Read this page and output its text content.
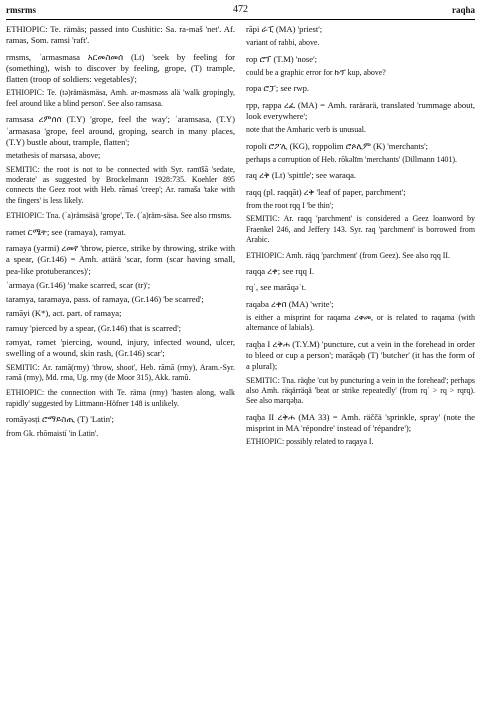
rmsrms	472	raqha

ETHIOPIC: Te. rämäs; passed into Cushitic: Sa. ra-maš 'net'. Af. ramas, Som. ramsi 'raft'.

rmsms, ʾarmasmasa አርመስመሰ (Lt) 'seek by feeling for (something), wish to discover by feeling, grope, (T) trample, flatten (troop of soldiers: vegetables)';

ETHIOPIC: Te. (tə)rämäsmäsa, Amh. ər-məsməss alä 'walk gropingly, feel around like a blind person'. See also ramsasa.

ramsasa ረምሰሰ (T.Y) 'grope, feel the way'; ʾaramsasa, (T.Y) ʾarmasasa 'grope, feel around, groping, search in many places, (T.Y) bustle about, trample, flatten';

metathesis of marsasa, above;

SEMITIC: the root is not to be connected with Syr. rəmīšā 'sedate, moderate' as suggested by Brockelmann 1928:735. Koehler 895 connects the Geez root with Heb. rāmaś 'creep'; Ar. ramaša 'take with the fingers' is less likely.

ETHIOPIC: Tna. (ʾa)rämsäsä 'grope', Te. (ʾa)räm-säsa. See also rmsms.

rəmet ርሜት; see (ramaya), rəmyat.

ramaya (yərmi) ረመየ 'throw, pierce, strike by throwing, strike with a spear, (Gr.146) = Amh. attärä 'scar, form (scar having small, pea-like protuberances)';

ʾarmaya (Gr.146) 'make scarred, scar (tr)';

taramya, taramaya, pass. of ramaya, (Gr.146) 'be scarred';

ramāyi (K*), act. part. of ramaya;

ramuy 'pierced by a spear, (Gr.146) that is scarred';

rəmyat, rəmet 'piercing, wound, injury, infected wound, ulcer, swelling of a wound, skin rash, (Gr.146) scar';

SEMITIC: Ar. ramā(rmy) 'throw, shoot', Heb. rāmā (rmy), Aram.-Syr. rəmā (rmy), Md. rma, Ug. rmy (de Moor 315), Akk. ramû.

ETHIOPIC: the connection with Te. räma (rmy) 'hasten along, walk rapidly' suggested by Littmann-Höfner 148 is unlikely.

romāyəsṭi ሮማይስጢ (T) 'Latin';

from Gk. rhōmaistí 'in Latin'.

rāpi ራፒ (MA) 'priest';

variant of rabbi, above.

rop ሮፕ (T.M) 'nose';

could be a graphic error for ኩፕ kup, above?

ropa ሮፓ; see rwp.

rpp, rappa ረፈ (MA) = Amh. rarärarä, translated 'rummage about, look everywhere';

note that the Amharic verb is unusual.

ropoli ሮፖሊ (KG), roppolim ሮጶሊም (K) 'merchants';

perhaps a corruption of Heb. rōkəlīm 'merchants' (Dillmann 1401).

raq ረቅ (Lt) 'spittle'; see waraqa.

raqq (pl. raqqāt) ረቅ 'leaf of paper, parchment';

from the root rqq I 'be thin';

SEMITIC: Ar. raqq 'parchment' is considered a Geez loanword by Fraenkel 246, and Jeffery 143. Syr. raq 'parchment' is borrowed from Arabic.

ETHIOPIC: Amh. räqq 'parchment' (from Geez). See also rqq II.

raqqa ረቀ; see rqq I.

rqʿ, see marāqəʿt.

raqaba ረቀበ (MA) 'write';

is either a misprint for raqama ረቀመ, or is related to raqama (with alternance of labials).

raqḥa I ረቅሐ (T.Y.M) 'puncture, cut a vein in the forehead in order to bleed or cup a person'; marāqəḥ (T) 'butcher' (it has the form of a plural);

SEMITIC: Tna. räqḥe 'cut by puncturing a vein in the forehead'; perhaps also Amh. räqärräqä 'beat or strike repeatedly' (from rqʿ > rq > rqrq). See also marqəḥa.

raqḥa II ረቅሐ (MA 33) = Amh. räččä 'sprinkle, spray' (note the misprint in MA 'répondre' instead of 'répandre');

ETHIOPIC: possibly related to raqaya I.
